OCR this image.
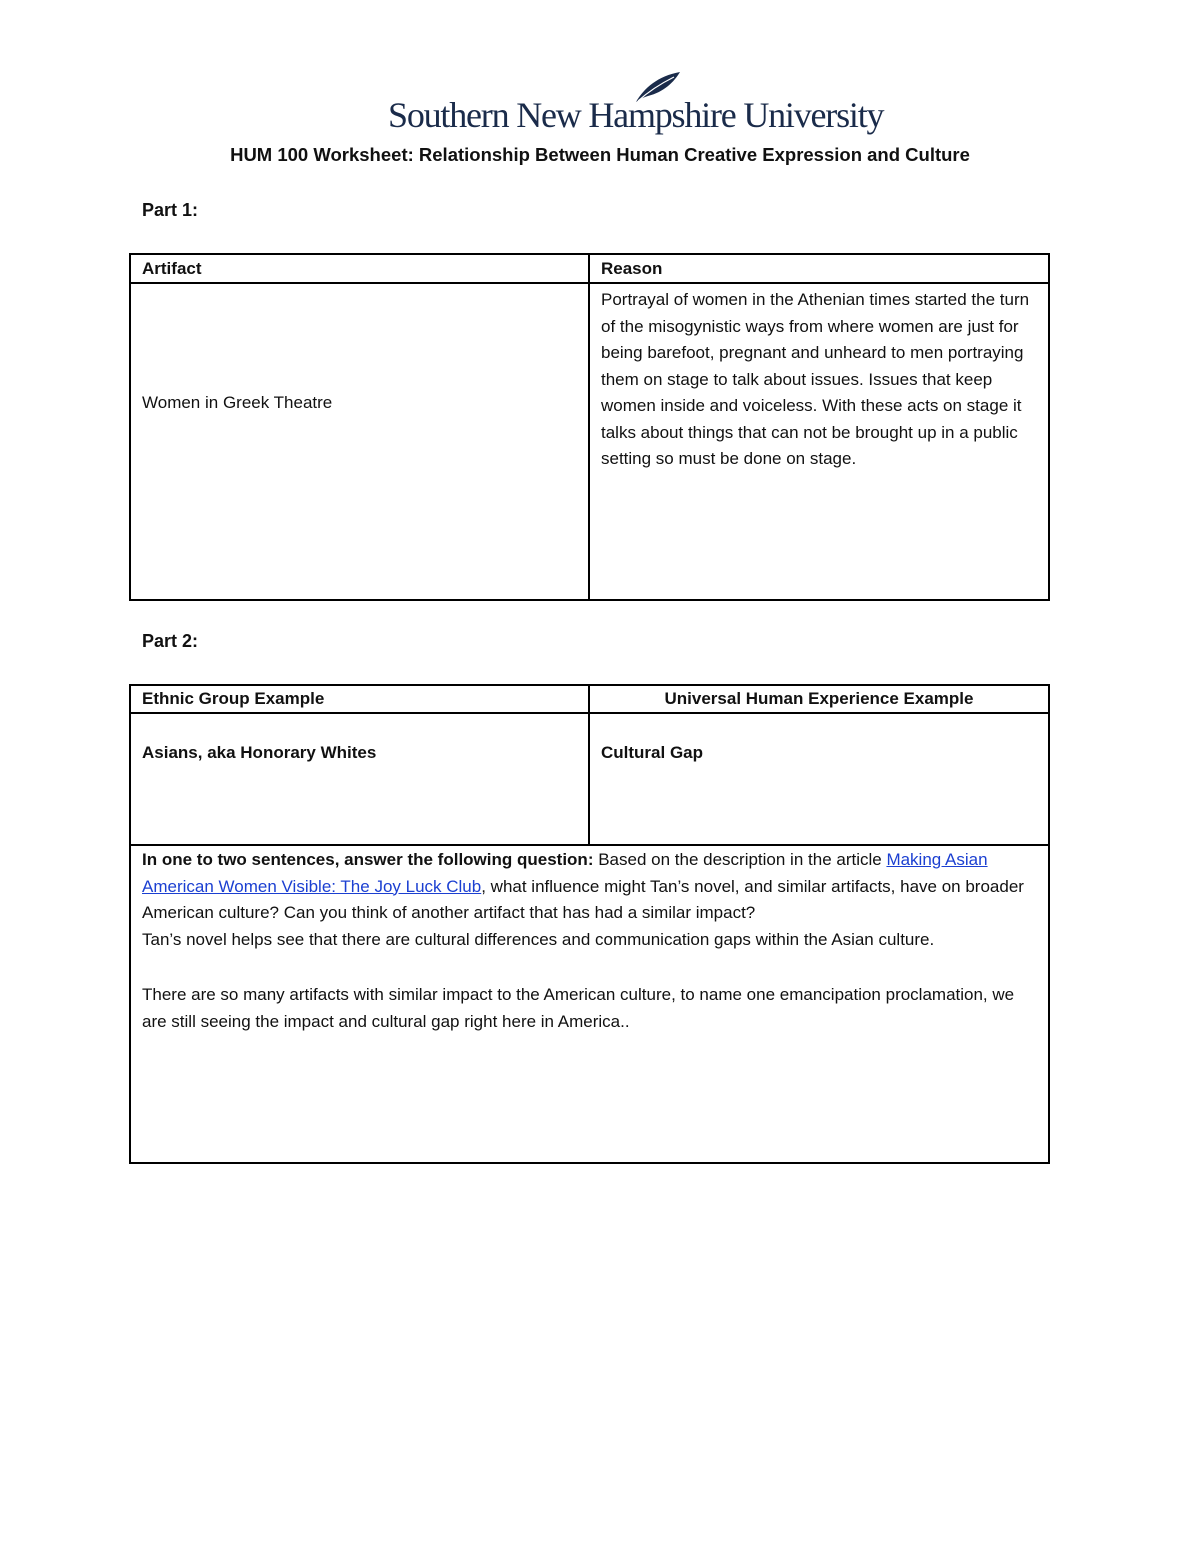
Southern New Hampshire University
HUM 100 Worksheet: Relationship Between Human Creative Expression and Culture
Part 1:
Artifact	Reason
Women in Greek Theatre	Portrayal of women in the Athenian times started the turn of the misogynistic ways from where women are just for being barefoot, pregnant and unheard to men portraying them on stage to talk about issues. Issues that keep women inside and voiceless. With these acts on stage it talks about things that can not be brought up in a public setting so must be done on stage.
Part 2:
Ethnic Group Example	Universal Human Experience Example
Asians, aka Honorary Whites	Cultural Gap

In one to two sentences, answer the following question: Based on the description in the article Making Asian American Women Visible: The Joy Luck Club, what influence might Tan’s novel, and similar artifacts, have on broader American culture? Can you think of another artifact that has had a similar impact?

Tan’s novel helps see that there are cultural differences and communication gaps within the Asian culture.

There are so many artifacts with similar impact to the American culture, to name one emancipation proclamation, we are still seeing the impact and cultural gap right here in America..	
